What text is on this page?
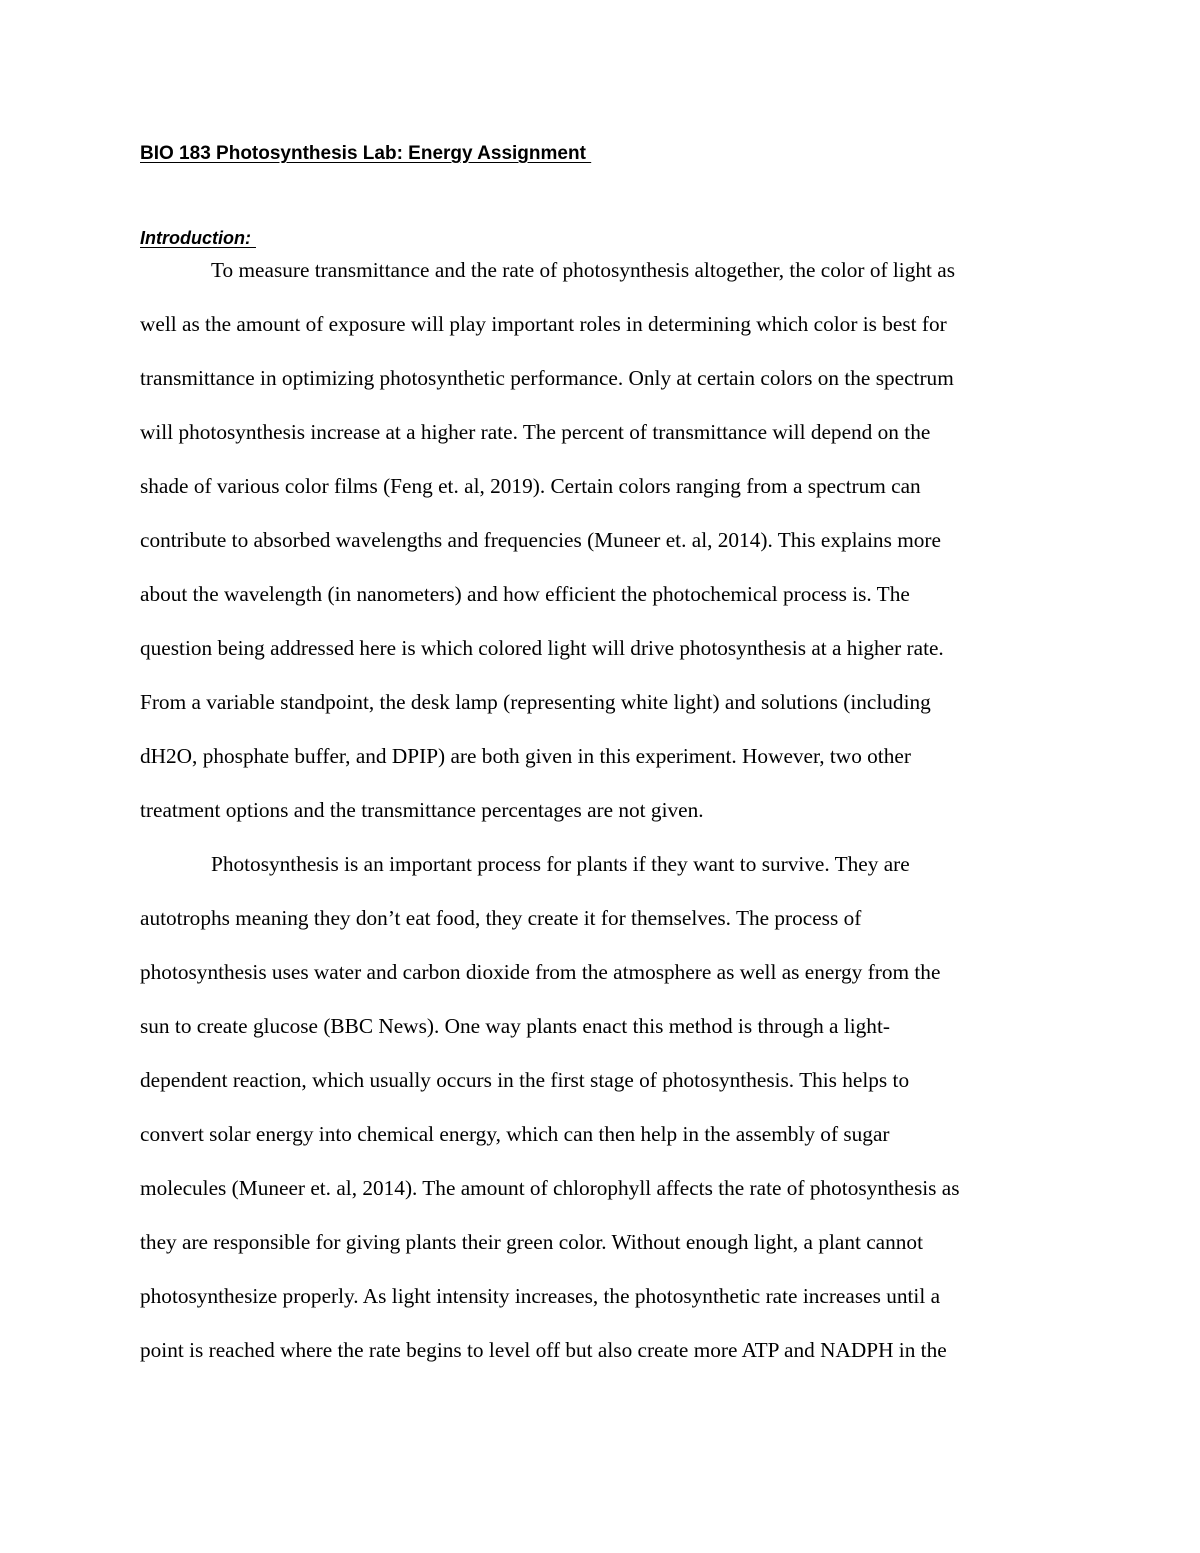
BIO 183 Photosynthesis Lab: Energy Assignment
Introduction:

To measure transmittance and the rate of photosynthesis altogether, the color of light as

well as the amount of exposure will play important roles in determining which color is best for

transmittance in optimizing photosynthetic performance. Only at certain colors on the spectrum

will photosynthesis increase at a higher rate. The percent of transmittance will depend on the

shade of various color films (Feng et. al, 2019). Certain colors ranging from a spectrum can

contribute to absorbed wavelengths and frequencies (Muneer et. al, 2014). This explains more

about the wavelength (in nanometers) and how efficient the photochemical process is. The

question being addressed here is which colored light will drive photosynthesis at a higher rate.

From a variable standpoint, the desk lamp (representing white light) and solutions (including

dH2O, phosphate buffer, and DPIP) are both given in this experiment. However, two other

treatment options and the transmittance percentages are not given.

Photosynthesis is an important process for plants if they want to survive. They are

autotrophs meaning they don’t eat food, they create it for themselves. The process of

photosynthesis uses water and carbon dioxide from the atmosphere as well as energy from the

sun to create glucose (BBC News). One way plants enact this method is through a light-

dependent reaction, which usually occurs in the first stage of photosynthesis. This helps to

convert solar energy into chemical energy, which can then help in the assembly of sugar

molecules (Muneer et. al, 2014). The amount of chlorophyll affects the rate of photosynthesis as

they are responsible for giving plants their green color. Without enough light, a plant cannot

photosynthesize properly. As light intensity increases, the photosynthetic rate increases until a

point is reached where the rate begins to level off but also create more ATP and NADPH in the
